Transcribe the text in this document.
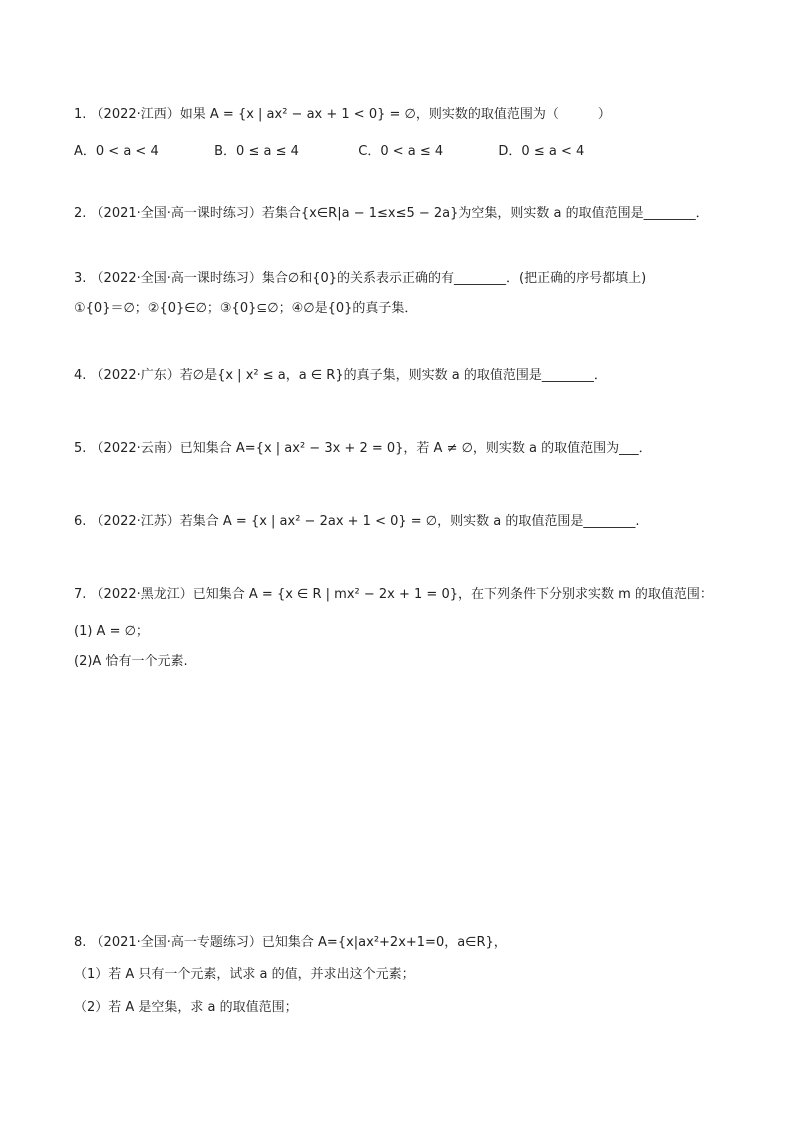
1. （2022·江西）如果 A = {x | ax² − ax + 1 < 0} = ∅，则实数的取值范围为（　　　）
A．0 < a < 4	B．0 ≤ a ≤ 4	C．0 < a ≤ 4	D．0 ≤ a < 4
2. （2021·全国·高一课时练习）若集合{x∈R|a − 1≤x≤5 − 2a}为空集，则实数 a 的取值范围是________．
3. （2022·全国·高一课时练习）集合∅和{0}的关系表示正确的有________．(把正确的序号都填上)
①{0}＝∅；②{0}∈∅；③{0}⊆∅；④∅是{0}的真子集．
4. （2022·广东）若∅是{x | x² ≤ a，a ∈ R}的真子集，则实数 a 的取值范围是________．
5. （2022·云南）已知集合 A={x | ax² − 3x + 2 = 0}，若 A ≠ ∅，则实数 a 的取值范围为___．
6. （2022·江苏）若集合 A = {x | ax² − 2ax + 1 < 0} = ∅，则实数 a 的取值范围是________.
7. （2022·黑龙江）已知集合 A = {x ∈ R | mx² − 2x + 1 = 0}，在下列条件下分别求实数 m 的取值范围：
(1) A = ∅；
(2)A 恰有一个元素.
8. （2021·全国·高一专题练习）已知集合 A={x|ax²+2x+1=0，a∈R}，
（1）若 A 只有一个元素，试求 a 的值，并求出这个元素；
（2）若 A 是空集，求 a 的取值范围；
